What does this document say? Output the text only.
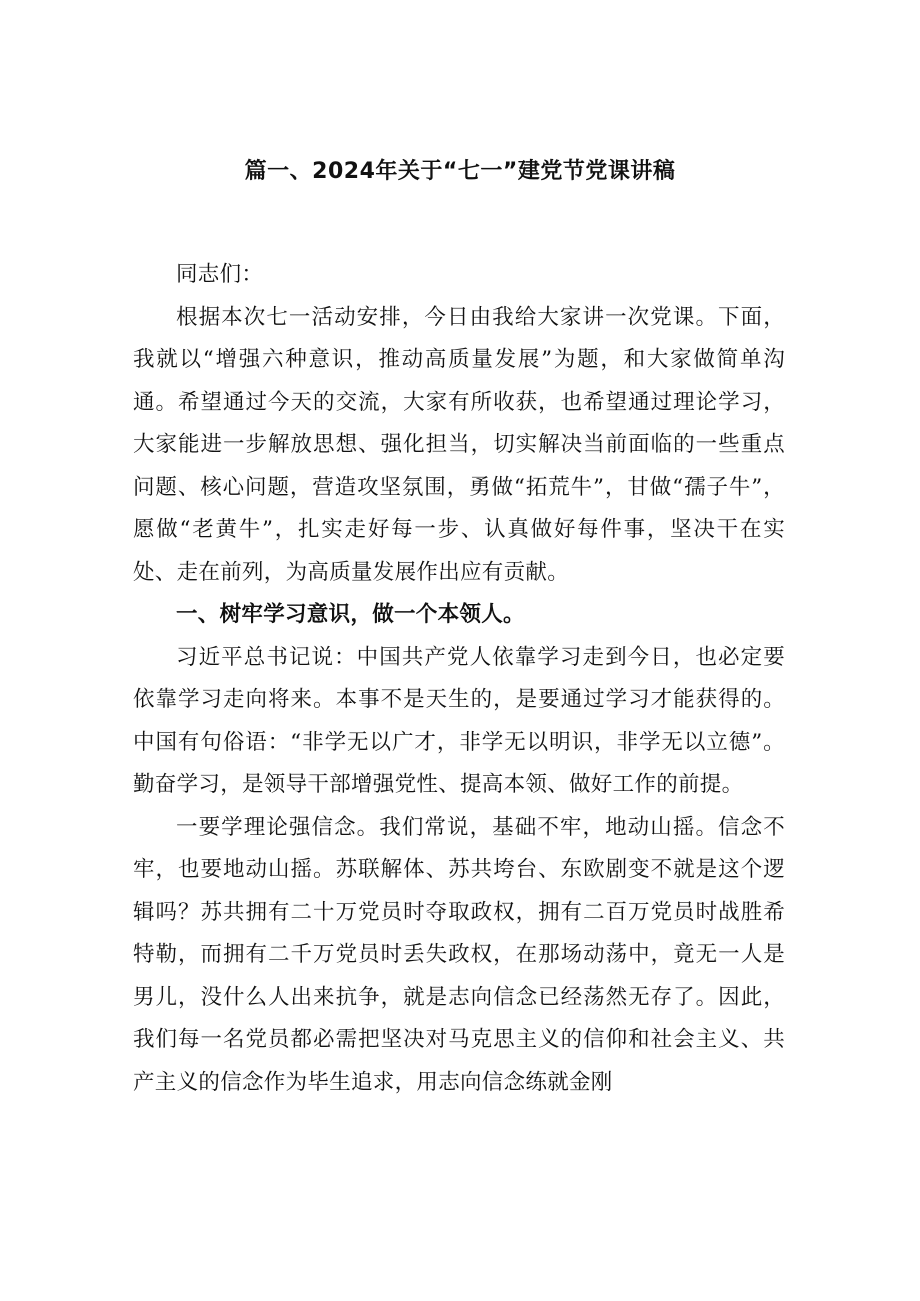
篇一、2024年关于“七一”建党节党课讲稿

同志们：

根据本次七一活动安排，今日由我给大家讲一次党课。下面，我就以“增强六种意识，推动高质量发展”为题，和大家做简单沟通。希望通过今天的交流，大家有所收获，也希望通过理论学习，大家能进一步解放思想、强化担当，切实解决当前面临的一些重点问题、核心问题，营造攻坚氛围，勇做“拓荒牛”，甘做“孺子牛”，愿做“老黄牛”，扎实走好每一步、认真做好每件事，坚决干在实处、走在前列，为高质量发展作出应有贡献。

一、树牢学习意识，做一个本领人。

习近平总书记说：中国共产党人依靠学习走到今日，也必定要依靠学习走向将来。本事不是天生的，是要通过学习才能获得的。中国有句俗语：“非学无以广才，非学无以明识，非学无以立德”。勤奋学习，是领导干部增强党性、提高本领、做好工作的前提。

一要学理论强信念。我们常说，基础不牢，地动山摇。信念不牢，也要地动山摇。苏联解体、苏共垮台、东欧剧变不就是这个逻辑吗？苏共拥有二十万党员时夺取政权，拥有二百万党员时战胜希特勒，而拥有二千万党员时丢失政权，在那场动荡中，竟无一人是男儿，没什么人出来抗争，就是志向信念已经荡然无存了。因此，我们每一名党员都必需把坚决对马克思主义的信仰和社会主义、共产主义的信念作为毕生追求，用志向信念练就金刚
